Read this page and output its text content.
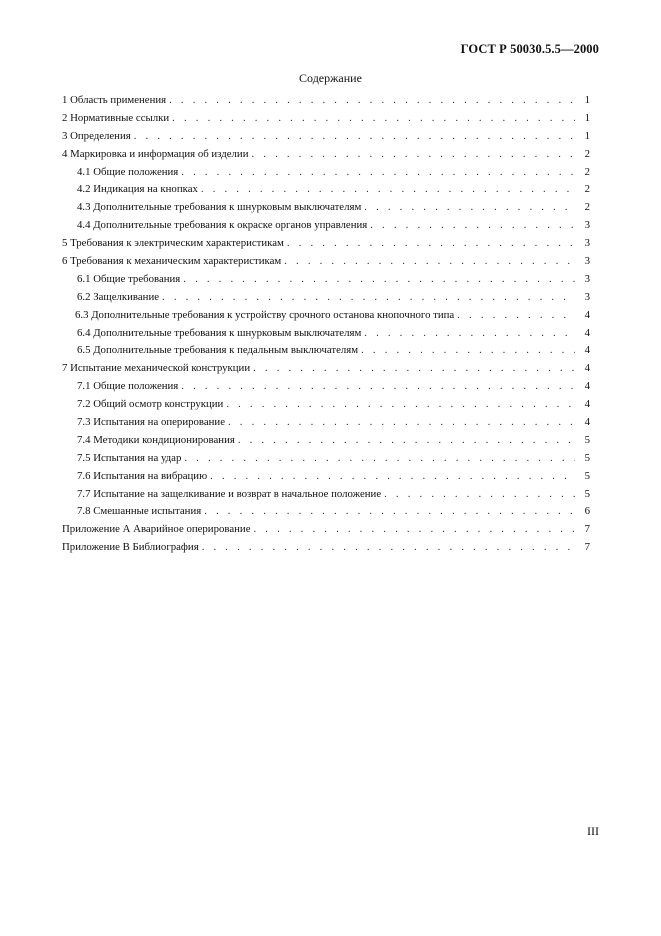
ГОСТ Р 50030.5.5—2000
Содержание
1 Область применения . . .	1
2 Нормативные ссылки . . .	1
3 Определения . . .	1
4 Маркировка и информация об изделии . . .	2
4.1 Общие положения . . .	2
4.2 Индикация на кнопках . . .	2
4.3 Дополнительные требования к шнурковым выключателям . . .	2
4.4 Дополнительные требования к окраске органов управления . . .	3
5 Требования к электрическим характеристикам . . .	3
6 Требования к механическим характеристикам . . .	3
6.1 Общие требования . . .	3
6.2 Защелкивание . . .	3
6.3 Дополнительные требования к устройству срочного останова кнопочного типа . . .	4
6.4 Дополнительные требования к шнурковым выключателям . . .	4
6.5 Дополнительные требования к педальным выключателям . . .	4
7 Испытание механической конструкции . . .	4
7.1 Общие положения . . .	4
7.2 Общий осмотр конструкции . . .	4
7.3 Испытания на оперирование . . .	4
7.4 Методики кондиционирования . . .	5
7.5 Испытания на удар . . .	5
7.6 Испытания на вибрацию . . .	5
7.7 Испытание на защелкивание и возврат в начальное положение . . .	5
7.8 Смешанные испытания . . .	6
Приложение А Аварийное оперирование . . .	7
Приложение В Библиография . . .	7
III
